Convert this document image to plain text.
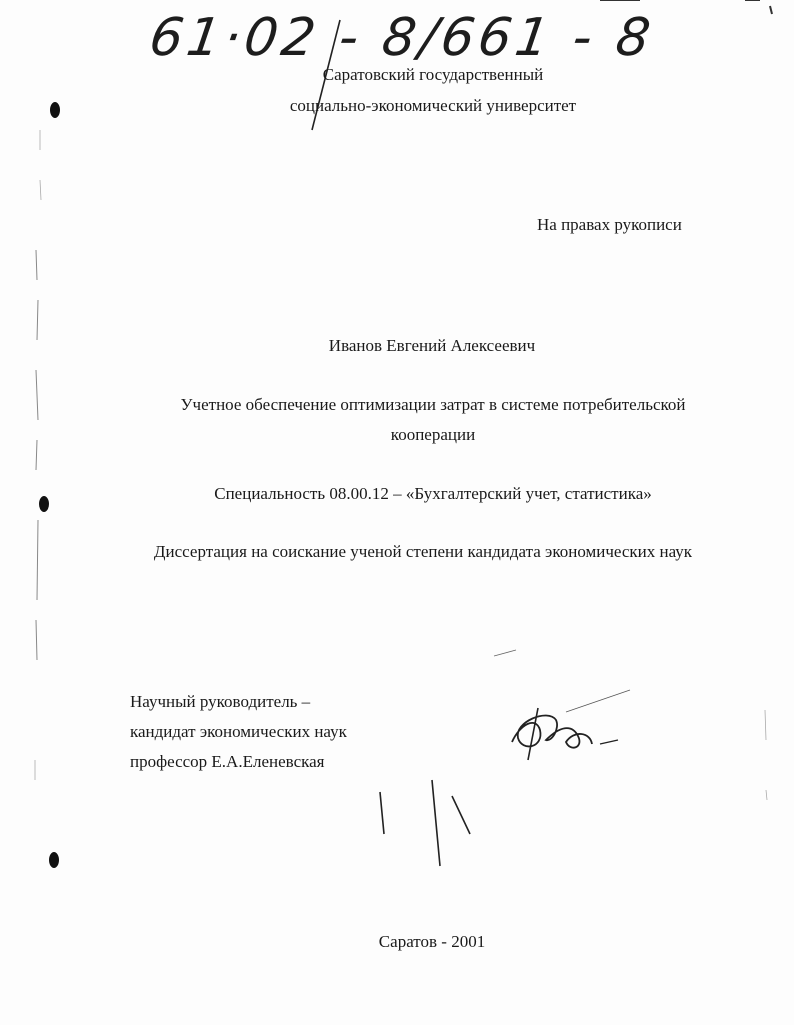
61·02 - 8/661 - 8
Саратовский государственный
социально-экономический университет
На правах рукописи
Иванов Евгений Алексеевич
Учетное обеспечение оптимизации затрат в системе потребительской
кооперации
Специальность 08.00.12 – «Бухгалтерский учет, статистика»
Диссертация на соискание ученой степени кандидата экономических наук
Научный руководитель –
кандидат экономических наук
профессор Е.А.Еленевская
Саратов - 2001
